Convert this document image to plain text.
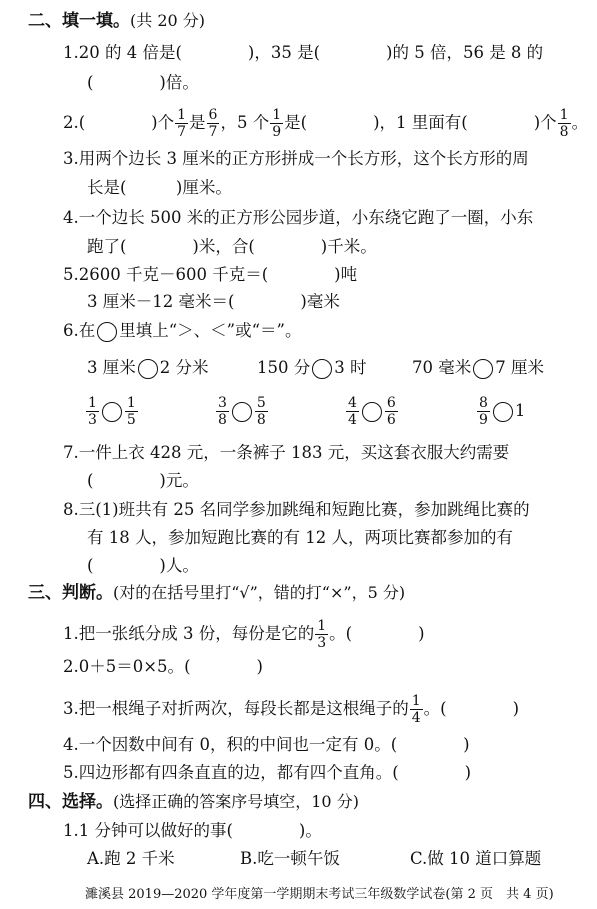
二、填一填。(共 20 分)
1.20 的 4 倍是(　　　　)，35 是(　　　　)的 5 倍，56 是 8 的
(　　　　)倍。
2.(　　　　)个 $\frac{1}{7}$ 是 $\frac{6}{7}$ ，5 个 $\frac{1}{9}$ 是(　　　　)，1 里面有(　　　　)个 $\frac{1}{8}$ 。
3.用两个边长 3 厘米的正方形拼成一个长方形，这个长方形的周
长是(　　　)厘米。
4.一个边长 500 米的正方形公园步道，小东绕它跑了一圈，小东
跑了(　　　　)米，合(　　　　)千米。
5.2600 千克－600 千克＝(　　　　)吨
3 厘米－12 毫米＝(　　　　)毫米
6.在 里填上“＞、＜”或“＝”。
3 厘米 2 分米	150 分 3 时	70 毫米 7 厘米
$\frac{1}{3} \frac{1}{5}$	$\frac{3}{8} \frac{5}{8}$	$\frac{4}{4} \frac{6}{6}$	$\frac{8}{9} 1$
7.一件上衣 428 元，一条裤子 183 元，买这套衣服大约需要
(　　　　)元。
8.三(1)班共有 25 名同学参加跳绳和短跑比赛，参加跳绳比赛的
有 18 人，参加短跑比赛的有 12 人，两项比赛都参加的有
(　　　　)人。
三、判断。(对的在括号里打“√”，错的打“×”，5 分)
1.把一张纸分成 3 份，每份是它的 $\frac{1}{3}$ 。(　　　　)
2.0＋5＝0×5。(　　　　)
3.把一根绳子对折两次，每段长都是这根绳子的 $\frac{1}{4}$ 。(　　　　)
4.一个因数中间有 0，积的中间也一定有 0。(　　　　)
5.四边形都有四条直直的边，都有四个直角。(　　　　)
四、选择。(选择正确的答案序号填空，10 分)
1.1 分钟可以做好的事(　　　　)。
A.跑 2 千米	B.吃一顿午饭	C.做 10 道口算题
濉溪县 2019—2020 学年度第一学期期末考试三年级数学试卷(第 2 页　共 4 页)
